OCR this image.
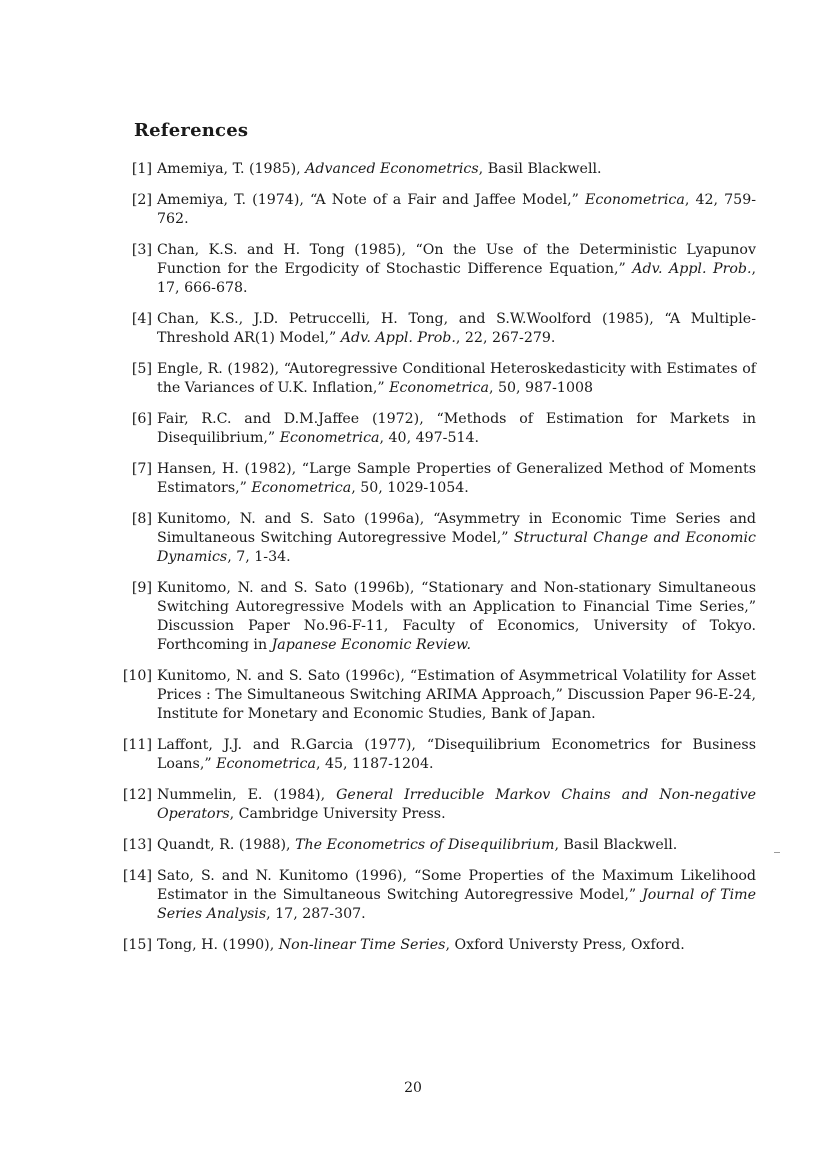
References
[1] Amemiya, T. (1985), Advanced Econometrics, Basil Blackwell.
[2] Amemiya, T. (1974), “A Note of a Fair and Jaffee Model,” Econometrica, 42, 759-762.
[3] Chan, K.S. and H. Tong (1985), “On the Use of the Deterministic Lyapunov Function for the Ergodicity of Stochastic Difference Equation,” Adv. Appl. Prob., 17, 666-678.
[4] Chan, K.S., J.D. Petruccelli, H. Tong, and S.W.Woolford (1985), “A Multiple-Threshold AR(1) Model,” Adv. Appl. Prob., 22, 267-279.
[5] Engle, R. (1982), “Autoregressive Conditional Heteroskedasticity with Estimates of the Variances of U.K. Inflation,” Econometrica, 50, 987-1008
[6] Fair, R.C. and D.M.Jaffee (1972), “Methods of Estimation for Markets in Disequilibrium,” Econometrica, 40, 497-514.
[7] Hansen, H. (1982), “Large Sample Properties of Generalized Method of Moments Estimators,” Econometrica, 50, 1029-1054.
[8] Kunitomo, N. and S. Sato (1996a), “Asymmetry in Economic Time Series and Simultaneous Switching Autoregressive Model,” Structural Change and Economic Dynamics, 7, 1-34.
[9] Kunitomo, N. and S. Sato (1996b), “Stationary and Non-stationary Simultaneous Switching Autoregressive Models with an Application to Financial Time Series,” Discussion Paper No.96-F-11, Faculty of Economics, University of Tokyo. Forthcoming in Japanese Economic Review.
[10] Kunitomo, N. and S. Sato (1996c), “Estimation of Asymmetrical Volatility for Asset Prices : The Simultaneous Switching ARIMA Approach,” Discussion Paper 96-E-24, Institute for Monetary and Economic Studies, Bank of Japan.
[11] Laffont, J.J. and R.Garcia (1977), “Disequilibrium Econometrics for Business Loans,” Econometrica, 45, 1187-1204.
[12] Nummelin, E. (1984), General Irreducible Markov Chains and Non-negative Operators, Cambridge University Press.
[13] Quandt, R. (1988), The Econometrics of Disequilibrium, Basil Blackwell.
[14] Sato, S. and N. Kunitomo (1996), “Some Properties of the Maximum Likelihood Estimator in the Simultaneous Switching Autoregressive Model,” Journal of Time Series Analysis, 17, 287-307.
[15] Tong, H. (1990), Non-linear Time Series, Oxford Universty Press, Oxford.
20
